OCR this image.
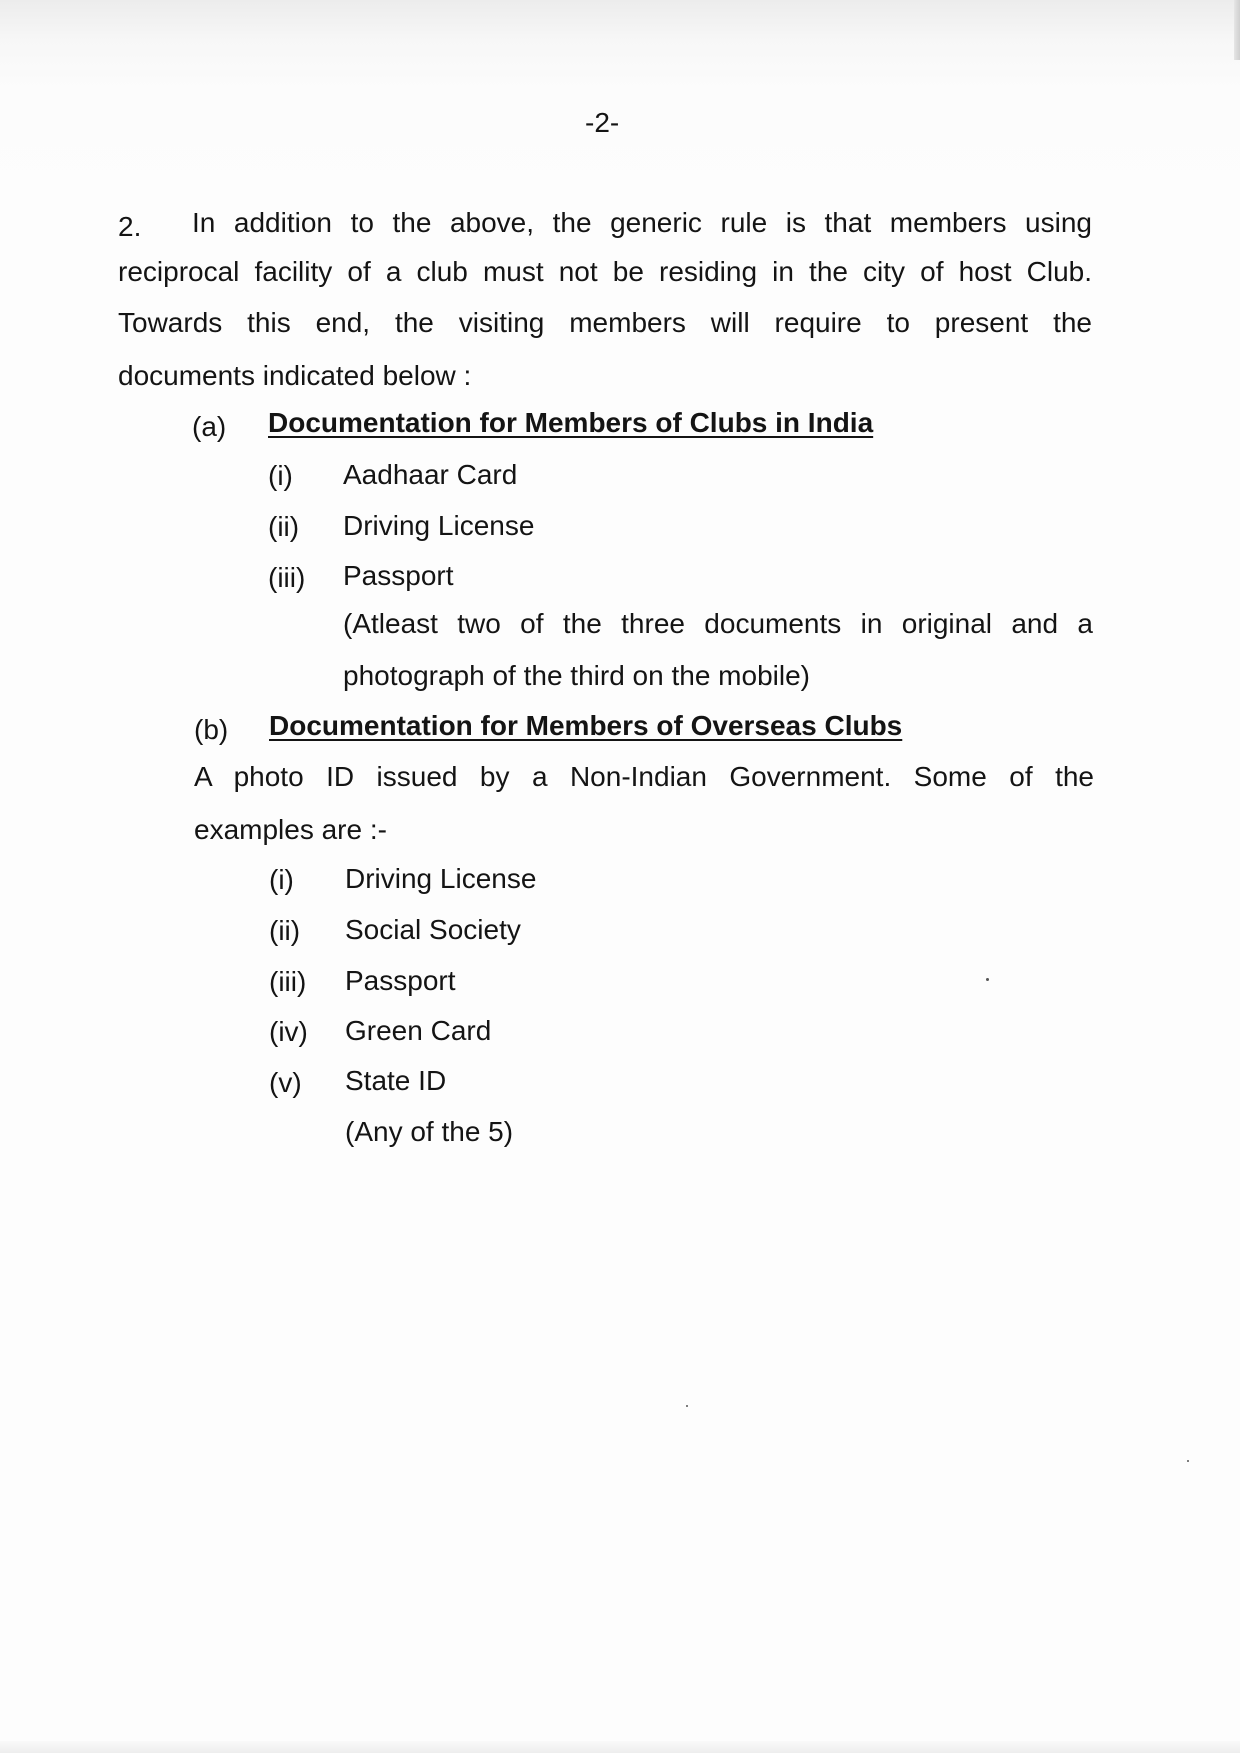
-2-
2. In addition to the above, the generic rule is that members using
reciprocal facility of a club must not be residing in the city of host Club.
Towards this end, the visiting members will require to present the
documents indicated below :
(a) Documentation for Members of Clubs in India
(i) Aadhaar Card
(ii) Driving License
(iii) Passport
(Atleast two of the three documents in original and a
photograph of the third on the mobile)
(b) Documentation for Members of Overseas Clubs
A photo ID issued by a Non-Indian Government. Some of the
examples are :-
(i) Driving License
(ii) Social Society
(iii) Passport
(iv) Green Card
(v) State ID
(Any of the 5)
